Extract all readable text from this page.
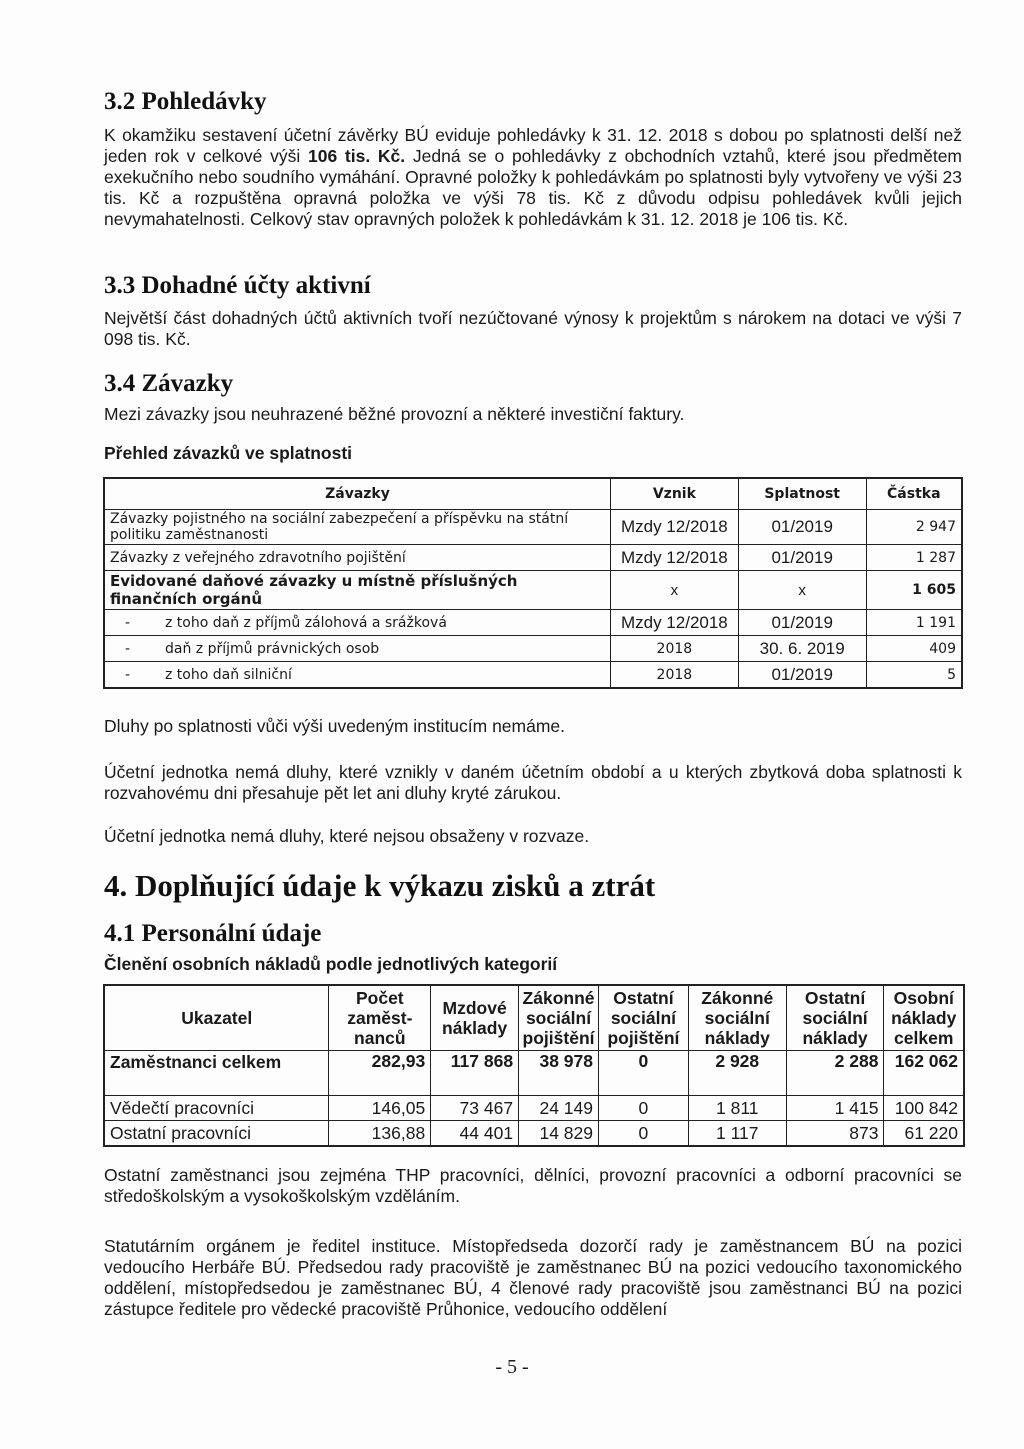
3.2 Pohledávky

K okamžiku sestavení účetní závěrky BÚ eviduje pohledávky k 31. 12. 2018 s dobou po splatnosti delší než jeden rok v celkové výši 106 tis. Kč. Jedná se o pohledávky z obchodních vztahů, které jsou předmětem exekučního nebo soudního vymáhání. Opravné položky k pohledávkám po splatnosti byly vytvořeny ve výši 23 tis. Kč a rozpuštěna opravná položka ve výši 78 tis. Kč z důvodu odpisu pohledávek kvůli jejich nevymahatelnosti. Celkový stav opravných položek k pohledávkám k 31. 12. 2018 je 106 tis. Kč.

3.3 Dohadné účty aktivní

Největší část dohadných účtů aktivních tvoří nezúčtované výnosy k projektům s nárokem na dotaci ve výši 7 098 tis. Kč.

3.4 Závazky

Mezi závazky jsou neuhrazené běžné provozní a některé investiční faktury.

Přehled závazků ve splatnosti

Závazky	Vznik	Splatnost	Částka
Závazky pojistného na sociální zabezpečení a příspěvku na státní politiku zaměstnanosti	Mzdy 12/2018	01/2019	2 947
Závazky z veřejného zdravotního pojištění	Mzdy 12/2018	01/2019	1 287
Evidované daňové závazky u místně příslušných finančních orgánů	x	x	1 605
- z toho daň z příjmů zálohová a srážková	Mzdy 12/2018	01/2019	1 191
- daň z příjmů právnických osob	2018	30. 6. 2019	409
- z toho daň silniční	2018	01/2019	5

Dluhy po splatnosti vůči výši uvedeným institucím nemáme.

Účetní jednotka nemá dluhy, které vznikly v daném účetním období a u kterých zbytková doba splatnosti k rozvahovému dni přesahuje pět let ani dluhy kryté zárukou.

Účetní jednotka nemá dluhy, které nejsou obsaženy v rozvaze.

4. Doplňující údaje k výkazu zisků a ztrát
4.1 Personální údaje

Členění osobních nákladů podle jednotlivých kategorií

Ukazatel	Počet zaměst-nanců	Mzdové náklady	Zákonné sociální pojištění	Ostatní sociální pojištění	Zákonné sociální náklady	Ostatní sociální náklady	Osobní náklady celkem
Zaměstnanci celkem	282,93	117 868	38 978	0	2 928	2 288	162 062
Vědečtí pracovníci	146,05	73 467	24 149	0	1 811	1 415	100 842
Ostatní pracovníci	136,88	44 401	14 829	0	1 117	873	61 220

Ostatní zaměstnanci jsou zejména THP pracovníci, dělníci, provozní pracovníci a odborní pracovníci se středoškolským a vysokoškolským vzděláním.

Statutárním orgánem je ředitel instituce. Místopředseda dozorčí rady je zaměstnancem BÚ na pozici vedoucího Herbáře BÚ. Předsedou rady pracoviště je zaměstnanec BÚ na pozici vedoucího taxonomického oddělení, místopředsedou je zaměstnanec BÚ, 4 členové rady pracoviště jsou zaměstnanci BÚ na pozici zástupce ředitele pro vědecké pracoviště Průhonice, vedoucího oddělení

- 5 -
